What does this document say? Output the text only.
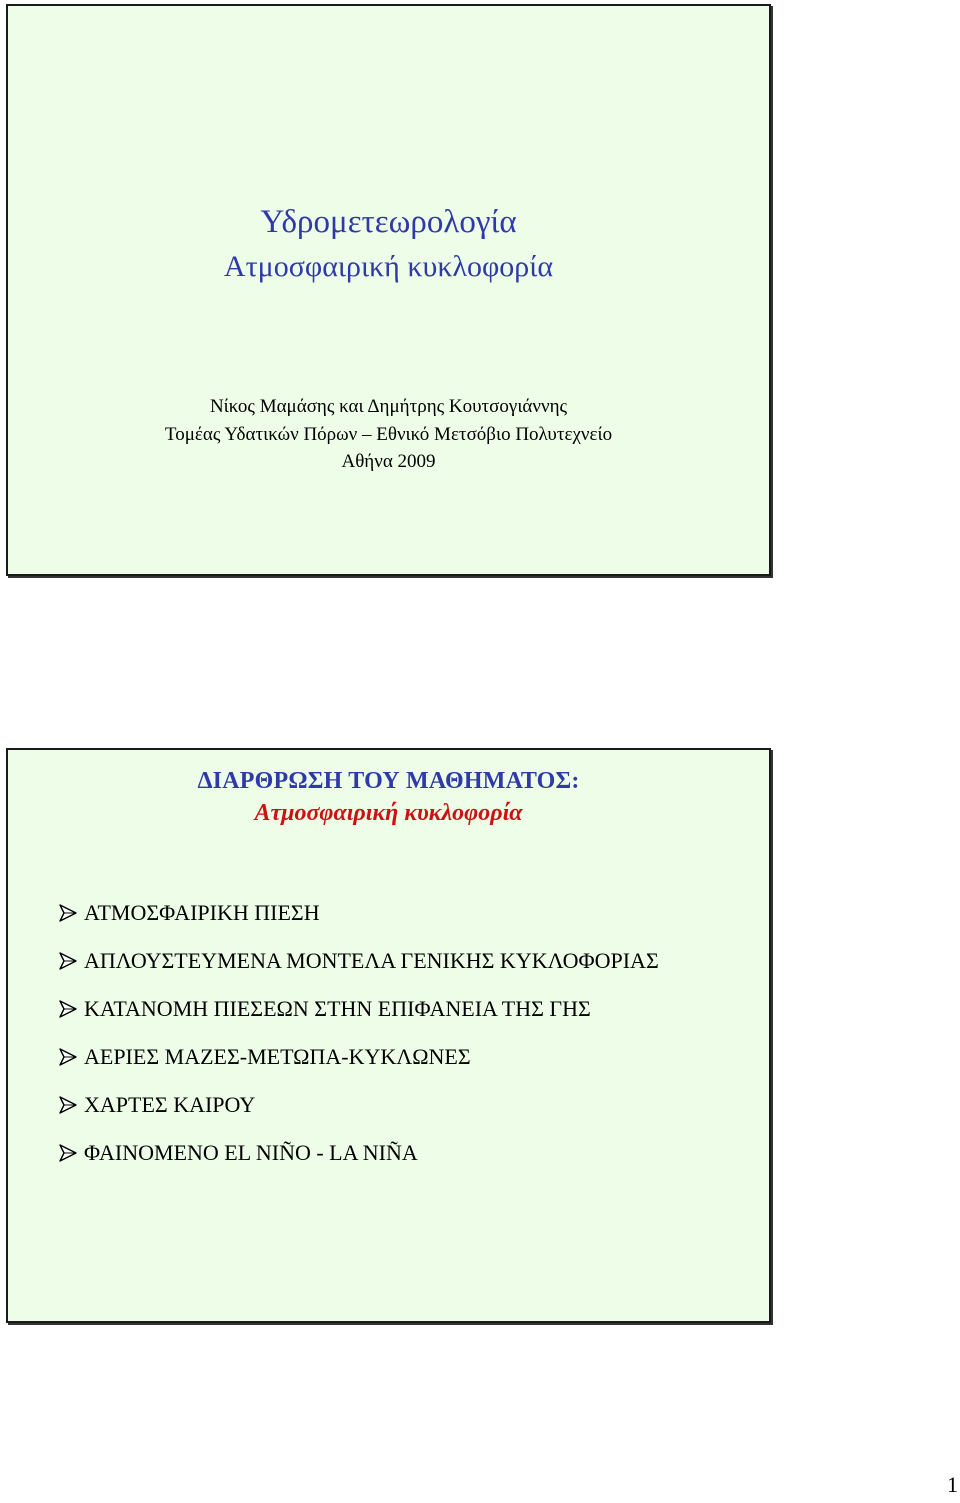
Υδρομετεωρολογία
Ατμοσφαιρική κυκλοφορία
Νίκος Μαμάσης και Δημήτρης Κουτσογιάννης
Τομέας Υδατικών Πόρων – Εθνικό Μετσόβιο Πολυτεχνείο
Αθήνα 2009
ΔΙΑΡΘΡΩΣΗ ΤΟΥ ΜΑΘΗΜΑΤΟΣ:
Ατμοσφαιρική κυκλοφορία
ΑΤΜΟΣΦΑΙΡΙΚΗ ΠΙΕΣΗ
ΑΠΛΟΥΣΤΕΥΜΕΝΑ ΜΟΝΤΕΛΑ ΓΕΝΙΚΗΣ ΚΥΚΛΟΦΟΡΙΑΣ
ΚΑΤΑΝΟΜΗ ΠΙΕΣΕΩΝ ΣΤΗΝ ΕΠΙΦΑΝΕΙΑ ΤΗΣ ΓΗΣ
ΑΕΡΙΕΣ ΜΑΖΕΣ-ΜΕΤΩΠΑ-ΚΥΚΛΩΝΕΣ
ΧΑΡΤΕΣ ΚΑΙΡΟΥ
ΦΑΙΝΟΜΕΝΟ EL NIÑO - LA NIÑA
1
